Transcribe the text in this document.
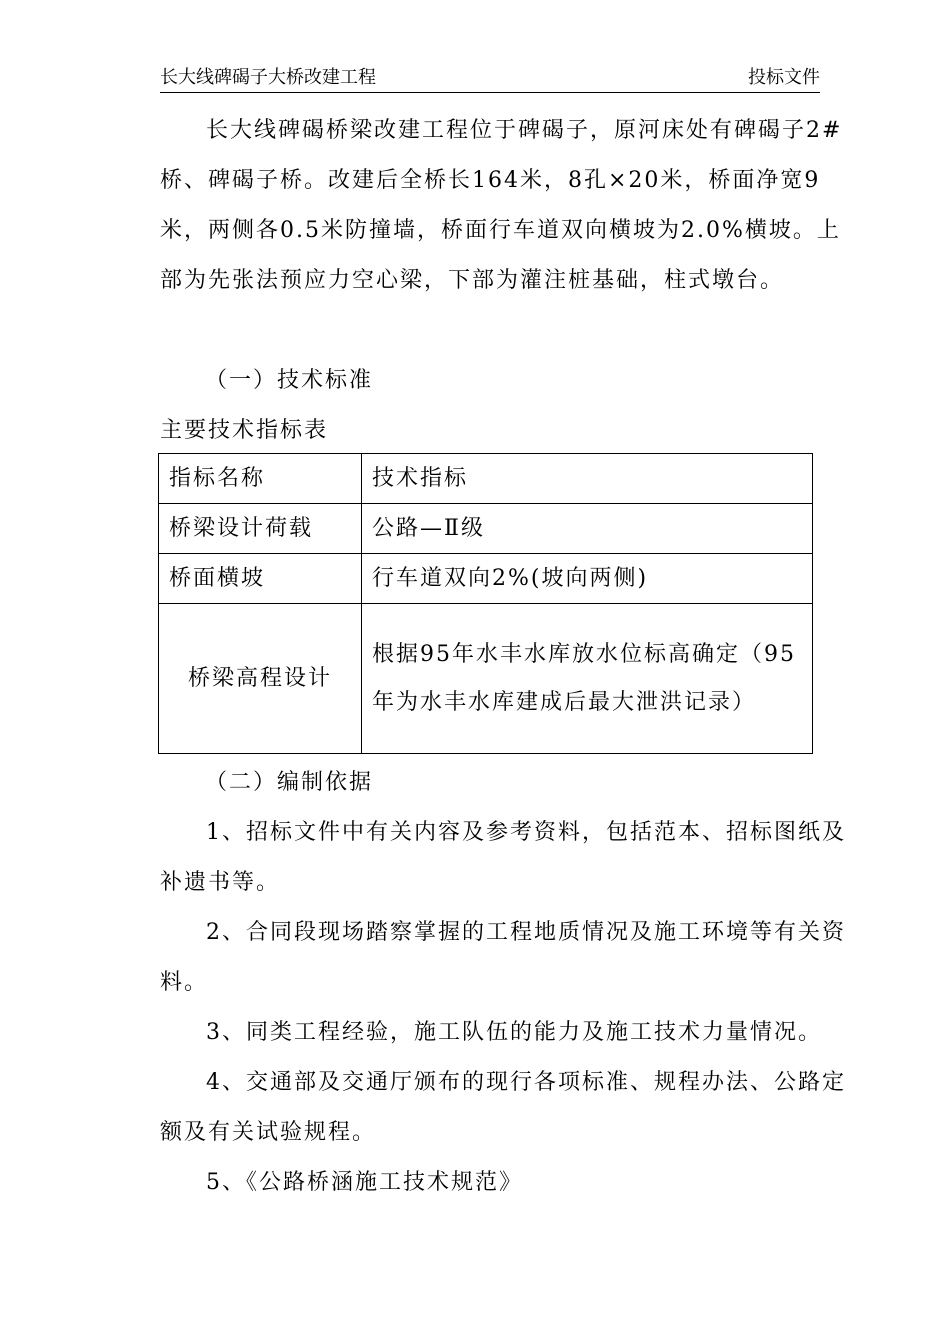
长大线碑碣子大桥改建工程	投标文件

长大线碑碣桥梁改建工程位于碑碣子，原河床处有碑碣子2#桥、碑碣子桥。改建后全桥长164米，8孔×20米，桥面净宽9米，两侧各0.5米防撞墙，桥面行车道双向横坡为2.0%横坡。上部为先张法预应力空心梁，下部为灌注桩基础，柱式墩台。

（一）技术标准

主要技术指标表

指标名称	技术指标
桥梁设计荷载	公路—Ⅱ级
桥面横坡	行车道双向2%(坡向两侧)
桥梁高程设计	根据95年水丰水库放水位标高确定（95年为水丰水库建成后最大泄洪记录）

（二）编制依据

1、招标文件中有关内容及参考资料，包括范本、招标图纸及补遗书等。

2、合同段现场踏察掌握的工程地质情况及施工环境等有关资料。

3、同类工程经验，施工队伍的能力及施工技术力量情况。

4、交通部及交通厅颁布的现行各项标准、规程办法、公路定额及有关试验规程。

5、《公路桥涵施工技术规范》
